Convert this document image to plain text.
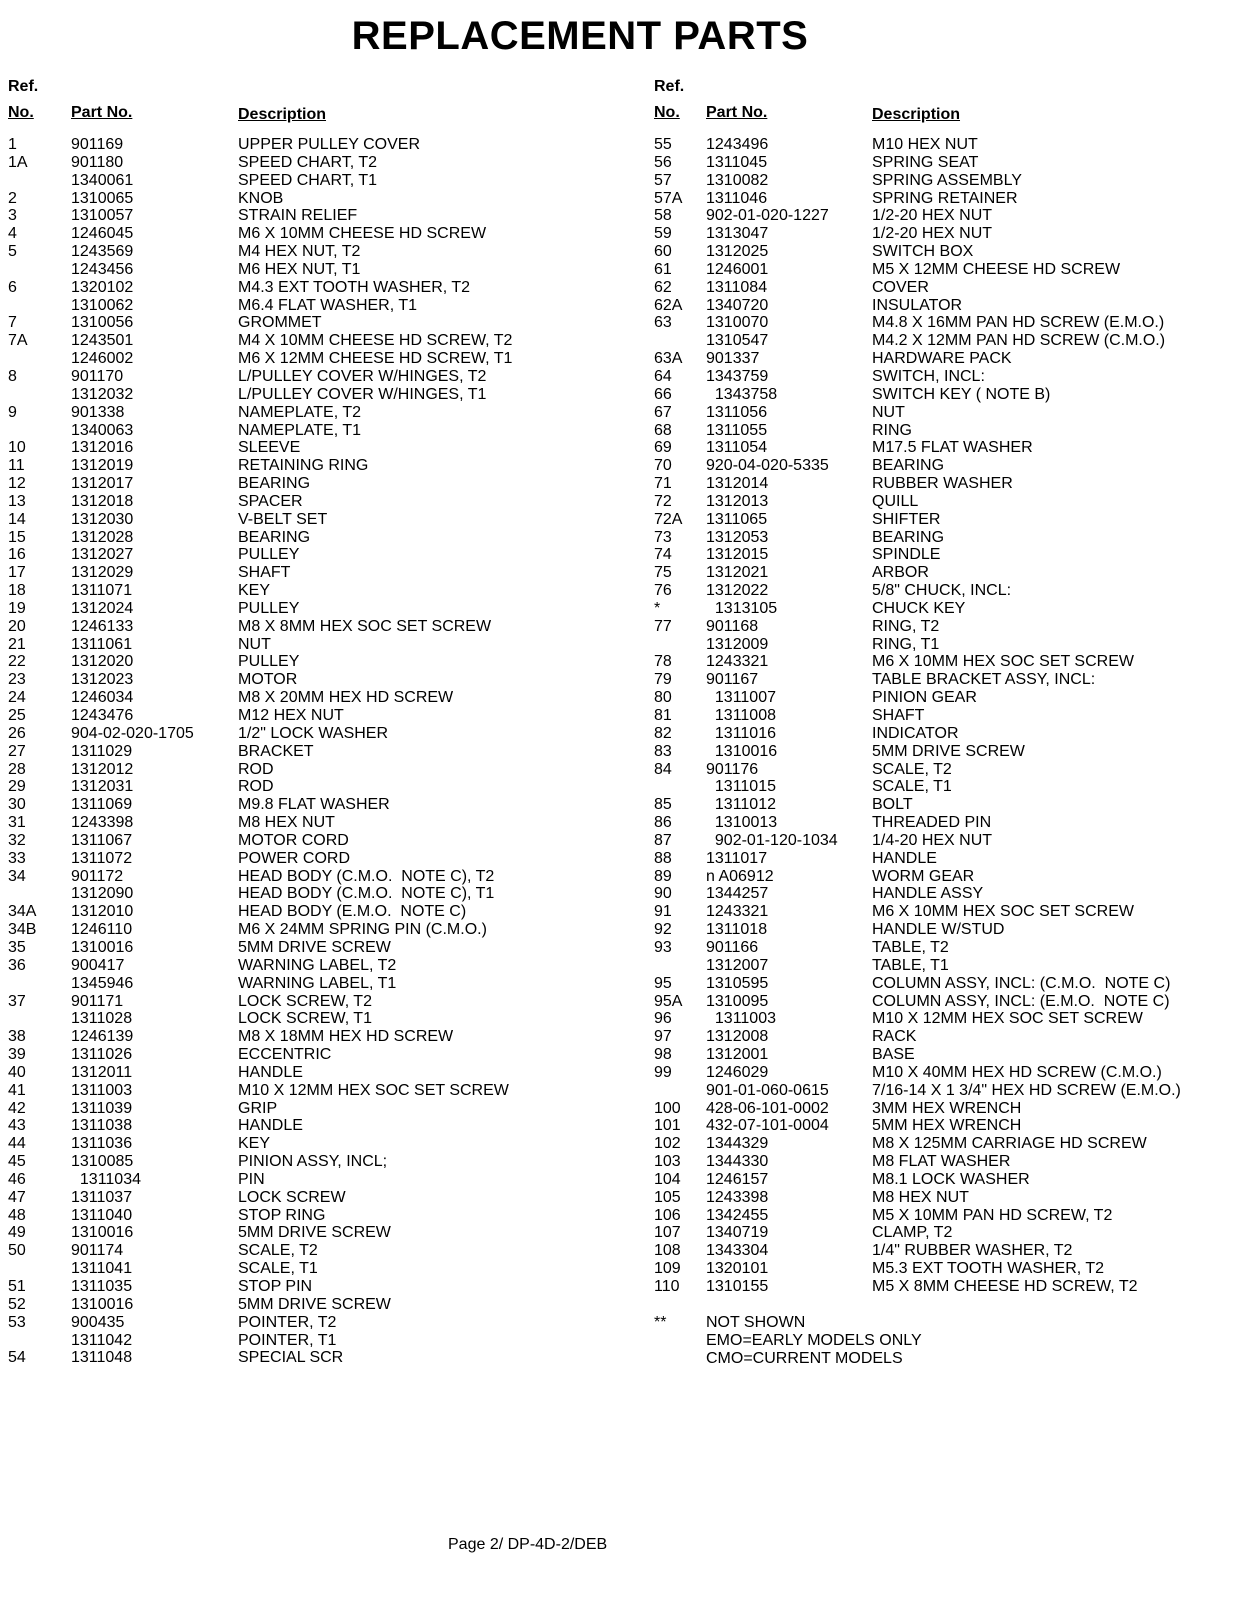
REPLACEMENT PARTS
Ref.
No. Part No.	Description
1	901169	UPPER PULLEY COVER
1A	901180	SPEED CHART, T2
1340061	SPEED CHART, T1
2	1310065	KNOB
3	1310057	STRAIN RELIEF
4	1246045	M6 X 10MM CHEESE HD SCREW
5	1243569	M4 HEX NUT, T2
1243456	M6 HEX NUT, T1
6	1320102	M4.3 EXT TOOTH WASHER, T2
1310062	M6.4 FLAT WASHER, T1
7	1310056	GROMMET
7A	1243501	M4 X 10MM CHEESE HD SCREW, T2
1246002	M6 X 12MM CHEESE HD SCREW, T1
8	901170	L/PULLEY COVER W/HINGES, T2
1312032	L/PULLEY COVER W/HINGES, T1
9	901338	NAMEPLATE, T2
1340063	NAMEPLATE, T1
10	1312016	SLEEVE
11	1312019	RETAINING RING
12	1312017	BEARING
13	1312018	SPACER
14	1312030	V-BELT SET
15	1312028	BEARING
16	1312027	PULLEY
17	1312029	SHAFT
18	1311071	KEY
19	1312024	PULLEY
20	1246133	M8 X 8MM HEX SOC SET SCREW
21	1311061	NUT
22	1312020	PULLEY
23	1312023	MOTOR
24	1246034	M8 X 20MM HEX HD SCREW
25	1243476	M12 HEX NUT
26	904-02-020-1705	1/2" LOCK WASHER
27	1311029	BRACKET
28	1312012	ROD
29	1312031	ROD
30	1311069	M9.8 FLAT WASHER
31	1243398	M8 HEX NUT
32	1311067	MOTOR CORD
33	1311072	POWER CORD
34	901172	HEAD BODY (C.M.O.  NOTE C), T2
1312090	HEAD BODY (C.M.O.  NOTE C), T1
34A 1312010	HEAD BODY (E.M.O.  NOTE C)
34B 1246110	M6 X 24MM SPRING PIN (C.M.O.)
35	1310016	5MM DRIVE SCREW
36	900417	WARNING LABEL, T2
1345946	WARNING LABEL, T1
37	901171	LOCK SCREW, T2
1311028	LOCK SCREW, T1
38	1246139	M8 X 18MM HEX HD SCREW
39	1311026	ECCENTRIC
40	1312011	HANDLE
41	1311003	M10 X 12MM HEX SOC SET SCREW
42	1311039	GRIP
43	1311038	HANDLE
44	1311036	KEY
45	1310085	PINION ASSY, INCL;
46	1311034	PIN
47	1311037	LOCK SCREW
48	1311040	STOP RING
49	1310016	5MM DRIVE SCREW
50	901174	SCALE, T2
1311041	SCALE, T1
51	1311035	STOP PIN
52	1310016	5MM DRIVE SCREW
53	900435	POINTER, T2
1311042	POINTER, T1
54	1311048	SPECIAL SCR
Ref.
No. Part No.	Description
55 1243496	M10 HEX NUT
56 1311045	SPRING SEAT
57 1310082	SPRING ASSEMBLY
57A 1311046	SPRING RETAINER
58 902-01-020-1227	1/2-20 HEX NUT
59 1313047	1/2-20 HEX NUT
60 1312025	SWITCH BOX
61 1246001	M5 X 12MM CHEESE HD SCREW
62 1311084	COVER
62A 1340720	INSULATOR
63 1310070	M4.8 X 16MM PAN HD SCREW (E.M.O.)
1310547	M4.2 X 12MM PAN HD SCREW (C.M.O.)
63A 901337	HARDWARE PACK
64 1343759	SWITCH, INCL:
66 1343758	SWITCH KEY ( NOTE B)
67 1311056	NUT
68 1311055	RING
69 1311054	M17.5 FLAT WASHER
70 920-04-020-5335	BEARING
71 1312014	RUBBER WASHER
72 1312013	QUILL
72A 1311065	SHIFTER
73 1312053	BEARING
74 1312015	SPINDLE
75 1312021	ARBOR
76 1312022	5/8" CHUCK, INCL:
*	1313105	CHUCK KEY
77 901168	RING, T2
1312009	RING, T1
78 1243321	M6 X 10MM HEX SOC SET SCREW
79 901167	TABLE BRACKET ASSY, INCL:
80 1311007	PINION GEAR
81 1311008	SHAFT
82 1311016	INDICATOR
83 1310016	5MM DRIVE SCREW
84 901176	SCALE, T2
1311015	SCALE, T1
85 1311012	BOLT
86 1310013	THREADED PIN
87 902-01-120-1034 1/4-20 HEX NUT
88 1311017	HANDLE
89 n A06912	WORM GEAR
90 1344257	HANDLE ASSY
91 1243321	M6 X 10MM HEX SOC SET SCREW
92 1311018	HANDLE W/STUD
93 901166	TABLE, T2
1312007	TABLE, T1
95 1310595	COLUMN ASSY, INCL: (C.M.O.  NOTE C)
95A 1310095	COLUMN ASSY, INCL: (E.M.O.  NOTE C)
96 1311003	M10 X 12MM HEX SOC SET SCREW
97 1312008	RACK
98 1312001	BASE
99 1246029	M10 X 40MM HEX HD SCREW (C.M.O.)
901-01-060-0615	7/16-14 X 1 3/4" HEX HD SCREW (E.M.O.)
100 428-06-101-0002	3MM HEX WRENCH
101 432-07-101-0004	5MM HEX WRENCH
102 1344329	M8 X 125MM CARRIAGE HD SCREW
103 1344330	M8 FLAT WASHER
104 1246157	M8.1 LOCK WASHER
105 1243398	M8 HEX NUT
106 1342455	M5 X 10MM PAN HD SCREW, T2
107 1340719	CLAMP, T2
108 1343304	1/4" RUBBER WASHER, T2
109 1320101	M5.3 EXT TOOTH WASHER, T2
110 1310155	M5 X 8MM CHEESE HD SCREW, T2
** NOT SHOWN
EMO=EARLY MODELS ONLY
CMO=CURRENT MODELS
Page 2/ DP-4D-2/DEB
